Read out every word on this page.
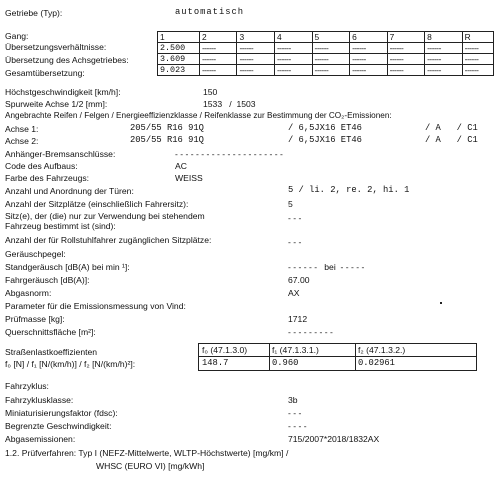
Getriebe (Typ):	automatisch
Gang:
Übersetzungsverhältnisse:
Übersetzung des Achsgetriebes:
Gesamtübersetzung:
1	2	3	4	5	6	7	8	R
2.500	------	------	------	------	------	------	------	------
3.609	------	------	------	------	------	------	------	------
9.023	------	------	------	------	------	------	------	------
Höchstgeschwindigkeit [km/h]:	150
Spurweite Achse 1/2 [mm]:	1533   /  1503
Angebrachte Reifen / Felgen / Energieeffizienzklasse / Reifenklasse zur Bestimmung der CO₂-Emissionen:
Achse 1:	205/55 R16 91Q	/ 6,5JX16 ET46	/ A   / C1
Achse 2:	205/55 R16 91Q	/ 6,5JX16 ET46	/ A   / C1
Anhänger-Bremsanschlüsse:	- - - - - - - - - - - - - - - - - - - - -
Code des Aufbaus:	AC
Farbe des Fahrzeugs:	WEISS
Anzahl und Anordnung der Türen:	5 / li. 2, re. 2, hi. 1
Anzahl der Sitzplätze (einschließlich Fahrersitz):	5
Sitz(e), der (die) nur zur Verwendung bei stehendem
Fahrzeug bestimmt ist (sind):
- - -
Anzahl der für Rollstuhlfahrer zugänglichen Sitzplätze:	- - -
Geräuschpegel:
Standgeräusch [dB(A) bei min ¹]:	- - - - - -   bei  - - - - -
Fahrgeräusch [dB(A)]:	67.00
Abgasnorm:	AX
Parameter für die Emissionsmessung von Vind:
Prüfmasse [kg]:	1712
Querschnittsfläche [m²]:	- - - - - - - - -
Straßenlastkoeffizienten
f₀ [N] / f₁ [N/(km/h)] / f₂ [N/(km/h)²]:
f₀ (47.1.3.0)	f₁ (47.1.3.1.)	f₂ (47.1.3.2.)
148.7	0.960	0.02961
Fahrzyklus:
Fahrzyklusklasse:	3b
Miniaturisierungsfaktor (fdsc):	- - -
Begrenzte Geschwindigkeit:	- - - -
Abgasemissionen:	715/2007*2018/1832AX
1.2. Prüfverfahren: Typ I (NEFZ-Mittelwerte, WLTP-Höchstwerte) [mg/km] /
WHSC (EURO VI) [mg/kWh]
